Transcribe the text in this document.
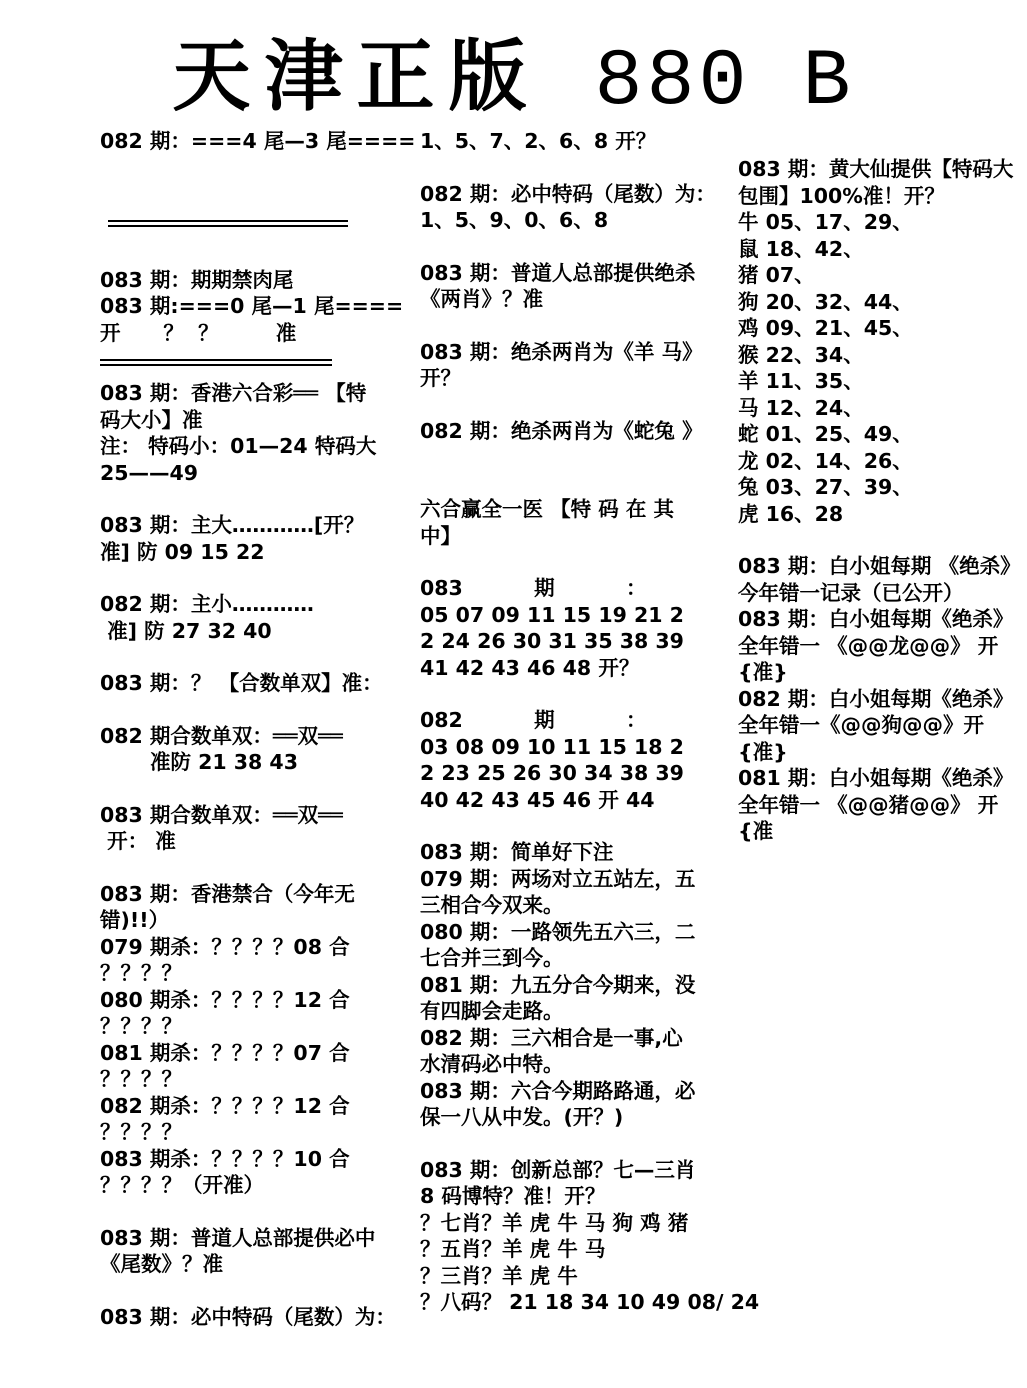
天津正版 880 B
082 期：===4 尾—3 尾====
083 期：期期禁肉尾
083 期:===0 尾—1 尾====
开      ？  ？        准
083 期：香港六合彩══ 【特码大小】准
注： 特码小：01—24 特码大 25——49
083 期：主大…………[开？ 准] 防 09 15 22
082 期：主小…………
准] 防 27 32 40
083 期：？ 【合数单双】准：
082 期合数单双：══双══
准防 21 38 43
083 期合数单双：══双══
开： 准
083 期：香港禁合（今年无错)!!）
079 期杀：？？？？08 合
？？？？
080 期杀：？？？？12 合
？？？？
081 期杀：？？？？07 合
？？？？
082 期杀：？？？？12 合
？？？？
083 期杀：？？？？10 合
？？？？（开准）
083 期：普道人总部提供必中《尾数》？准
083 期：必中特码（尾数）为：
1、5、7、2、6、8 开？
082 期：必中特码（尾数）为：
1、5、9、0、6、8
083 期：普道人总部提供绝杀《两肖》？准
083 期：绝杀两肖为《羊 马》开？
082 期：绝杀两肖为《蛇兔 》
六合赢全一医 【特 码 在 其中】
083          期          ：
05 07 09 11 15 19 21 22 24 26 30 31 35 38 39 41 42 43 46 48 开？
082          期          ：
03 08 09 10 11 15 18 22 23 25 26 30 34 38 39 40 42 43 45 46 开 44
083 期：简单好下注
079 期：两场对立五站左，五三相合今双来。
080 期：一路领先五六三，二七合并三到今。
081 期：九五分合今期来，没有四脚会走路。
082 期：三六相合是一事,心水清码必中特。
083 期：六合今期路路通，必保一八从中发。(开？)
083 期：创新总部？七—三肖 8 码博特？准！开？
？七肖？羊 虎 牛 马 狗 鸡 猪
？五肖？羊 虎 牛 马
？三肖？羊 虎 牛
？八码？ 21 18 34 10 49 08/ 24
083 期：黄大仙提供【特码大包围】100%准！开？
牛 05、17、29、
鼠 18、42、
猪 07、
狗 20、32、44、
鸡 09、21、45、
猴 22、34、
羊 11、35、
马 12、24、
蛇 01、25、49、
龙 02、14、26、
兔 03、27、39、
虎 16、28
083 期：白小姐每期 《绝杀》今年错一记录（已公开）
083 期：白小姐每期《绝杀》全年错一 《@@龙@@》 开{准}
082 期：白小姐每期《绝杀》全年错一《@@狗@@》开{准}
081 期：白小姐每期《绝杀》全年错一 《@@猪@@》 开{准
